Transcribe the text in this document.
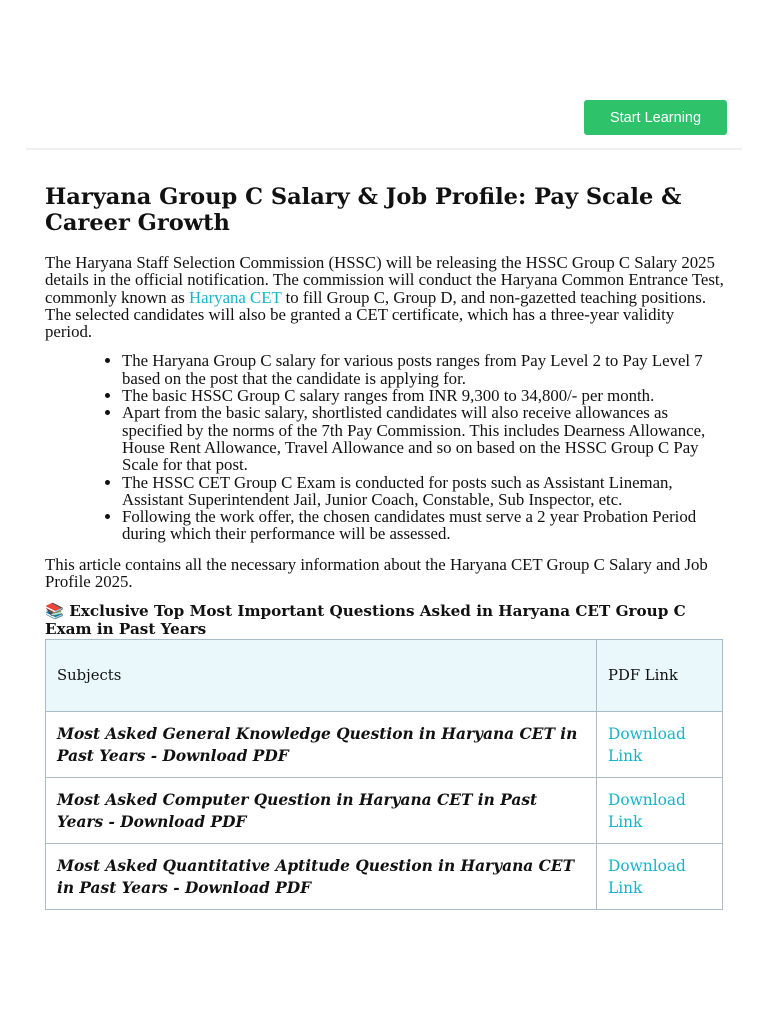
Start Learning
Haryana Group C Salary & Job Profile: Pay Scale & Career Growth

The Haryana Staff Selection Commission (HSSC) will be releasing the HSSC Group C Salary 2025 details in the official notification. The commission will conduct the Haryana Common Entrance Test, commonly known as Haryana CET to fill Group C, Group D, and non-gazetted teaching positions. The selected candidates will also be granted a CET certificate, which has a three-year validity period.

• The Haryana Group C salary for various posts ranges from Pay Level 2 to Pay Level 7 based on the post that the candidate is applying for.
• The basic HSSC Group C salary ranges from INR 9,300 to 34,800/- per month.
• Apart from the basic salary, shortlisted candidates will also receive allowances as specified by the norms of the 7th Pay Commission. This includes Dearness Allowance, House Rent Allowance, Travel Allowance and so on based on the HSSC Group C Pay Scale for that post.
• The HSSC CET Group C Exam is conducted for posts such as Assistant Lineman, Assistant Superintendent Jail, Junior Coach, Constable, Sub Inspector, etc.
• Following the work offer, the chosen candidates must serve a 2 year Probation Period during which their performance will be assessed.

This article contains all the necessary information about the Haryana CET Group C Salary and Job Profile 2025.

📚 Exclusive Top Most Important Questions Asked in Haryana CET Group C Exam in Past Years
Subjects	PDF Link
Most Asked General Knowledge Question in Haryana CET in Past Years - Download PDF	Download Link
Most Asked Computer Question in Haryana CET in Past Years - Download PDF	Download Link
Most Asked Quantitative Aptitude Question in Haryana CET in Past Years - Download PDF	Download Link
